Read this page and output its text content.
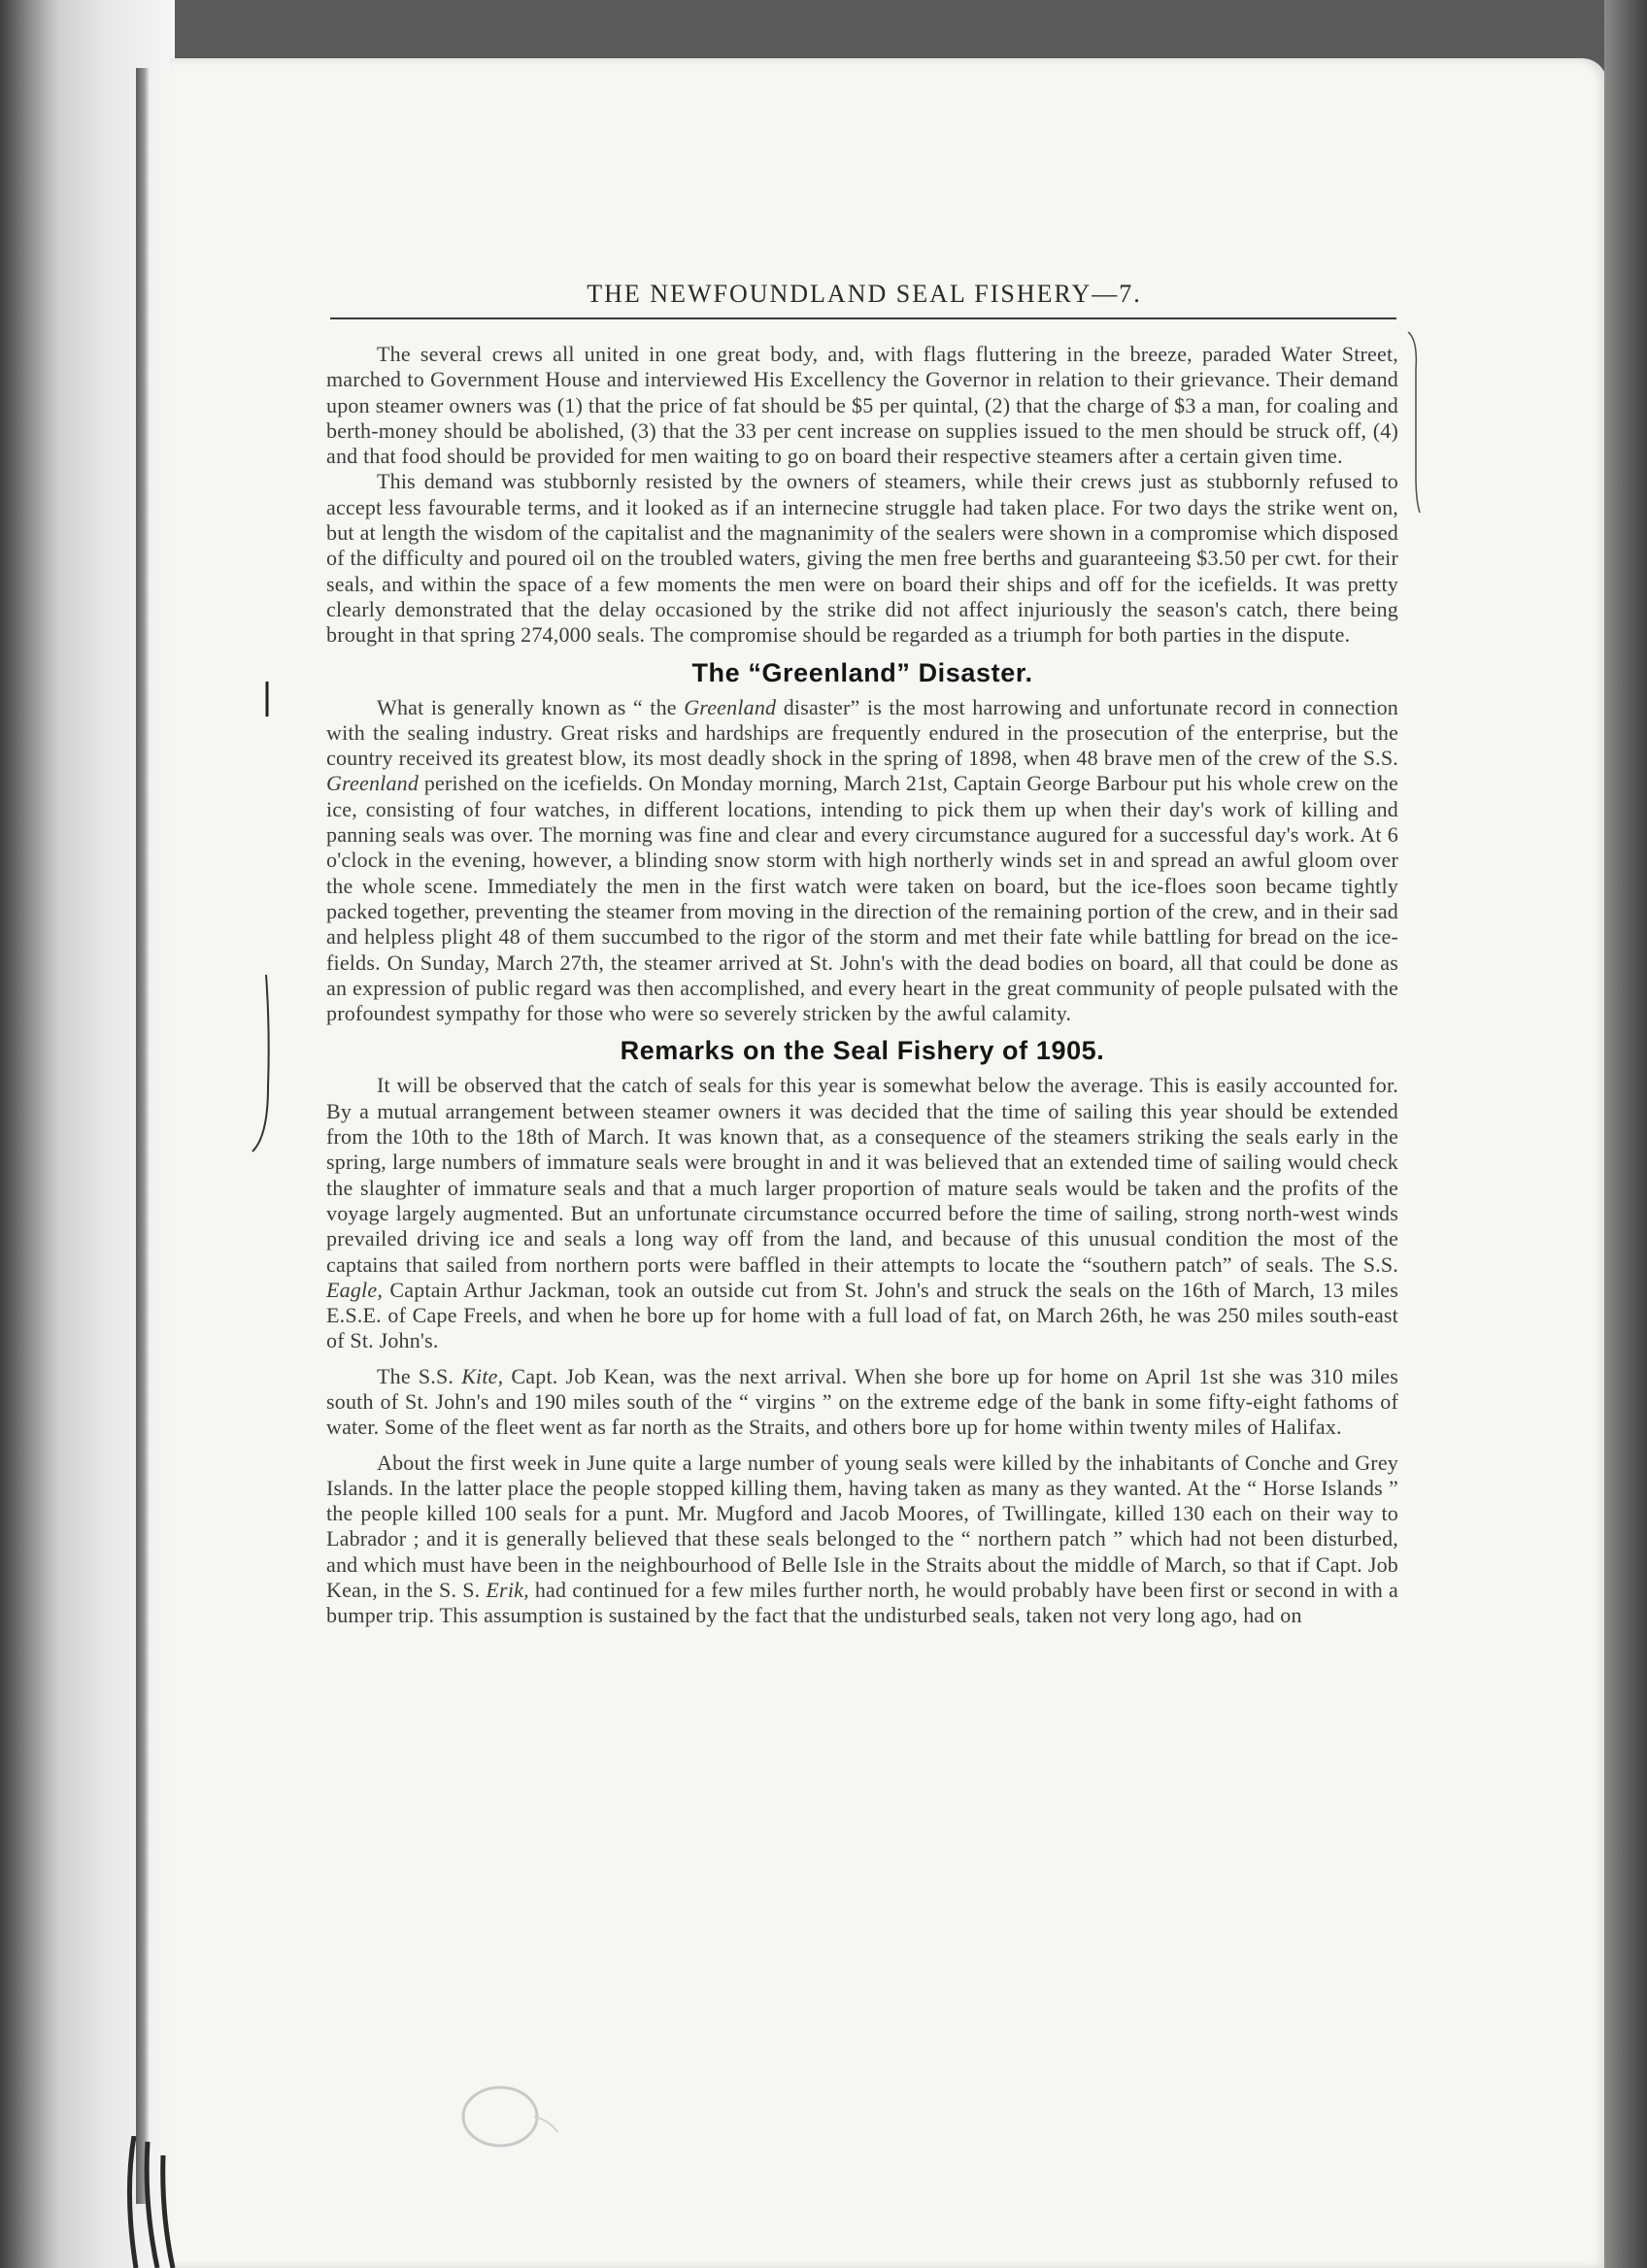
THE NEWFOUNDLAND SEAL FISHERY—7.

The several crews all united in one great body, and, with flags fluttering in the breeze, paraded Water Street, marched to Government House and interviewed His Excellency the Governor in relation to their grievance. Their demand upon steamer owners was (1) that the price of fat should be $5 per quintal, (2) that the charge of $3 a man, for coaling and berth-money should be abolished, (3) that the 33 per cent increase on supplies issued to the men should be struck off, (4) and that food should be provided for men waiting to go on board their respective steamers after a certain given time.

This demand was stubbornly resisted by the owners of steamers, while their crews just as stubbornly refused to accept less favourable terms, and it looked as if an internecine struggle had taken place. For two days the strike went on, but at length the wisdom of the capitalist and the magnanimity of the sealers were shown in a compromise which disposed of the difficulty and poured oil on the troubled waters, giving the men free berths and guaranteeing $3.50 per cwt. for their seals, and within the space of a few moments the men were on board their ships and off for the icefields. It was pretty clearly demonstrated that the delay occasioned by the strike did not affect injuriously the season's catch, there being brought in that spring 274,000 seals. The compromise should be regarded as a triumph for both parties in the dispute.

The “Greenland” Disaster.

What is generally known as “ the Greenland disaster” is the most harrowing and unfortunate record in connection with the sealing industry. Great risks and hardships are frequently endured in the prosecution of the enterprise, but the country received its greatest blow, its most deadly shock in the spring of 1898, when 48 brave men of the crew of the S.S. Greenland perished on the icefields. On Monday morning, March 21st, Captain George Barbour put his whole crew on the ice, consisting of four watches, in different locations, intending to pick them up when their day's work of killing and panning seals was over. The morning was fine and clear and every circumstance augured for a successful day's work. At 6 o'clock in the evening, however, a blinding snow storm with high northerly winds set in and spread an awful gloom over the whole scene. Immediately the men in the first watch were taken on board, but the ice-floes soon became tightly packed together, preventing the steamer from moving in the direction of the remaining portion of the crew, and in their sad and helpless plight 48 of them succumbed to the rigor of the storm and met their fate while battling for bread on the ice-fields. On Sunday, March 27th, the steamer arrived at St. John's with the dead bodies on board, all that could be done as an expression of public regard was then accomplished, and every heart in the great community of people pulsated with the profoundest sympathy for those who were so severely stricken by the awful calamity.

Remarks on the Seal Fishery of 1905.

It will be observed that the catch of seals for this year is somewhat below the average. This is easily accounted for. By a mutual arrangement between steamer owners it was decided that the time of sailing this year should be extended from the 10th to the 18th of March. It was known that, as a consequence of the steamers striking the seals early in the spring, large numbers of immature seals were brought in and it was believed that an extended time of sailing would check the slaughter of immature seals and that a much larger proportion of mature seals would be taken and the profits of the voyage largely augmented. But an unfortunate circumstance occurred before the time of sailing, strong north-west winds prevailed driving ice and seals a long way off from the land, and because of this unusual condition the most of the captains that sailed from northern ports were baffled in their attempts to locate the “southern patch” of seals. The S.S. Eagle, Captain Arthur Jackman, took an outside cut from St. John's and struck the seals on the 16th of March, 13 miles E.S.E. of Cape Freels, and when he bore up for home with a full load of fat, on March 26th, he was 250 miles south-east of St. John's.

The S.S. Kite, Capt. Job Kean, was the next arrival. When she bore up for home on April 1st she was 310 miles south of St. John's and 190 miles south of the “ virgins ” on the extreme edge of the bank in some fifty-eight fathoms of water. Some of the fleet went as far north as the Straits, and others bore up for home within twenty miles of Halifax.

About the first week in June quite a large number of young seals were killed by the inhabitants of Conche and Grey Islands. In the latter place the people stopped killing them, having taken as many as they wanted. At the “ Horse Islands ” the people killed 100 seals for a punt. Mr. Mugford and Jacob Moores, of Twillingate, killed 130 each on their way to Labrador ; and it is generally believed that these seals belonged to the “ northern patch ” which had not been disturbed, and which must have been in the neighbourhood of Belle Isle in the Straits about the middle of March, so that if Capt. Job Kean, in the S. S. Erik, had continued for a few miles further north, he would probably have been first or second in with a bumper trip. This assumption is sustained by the fact that the undisturbed seals, taken not very long ago, had on
